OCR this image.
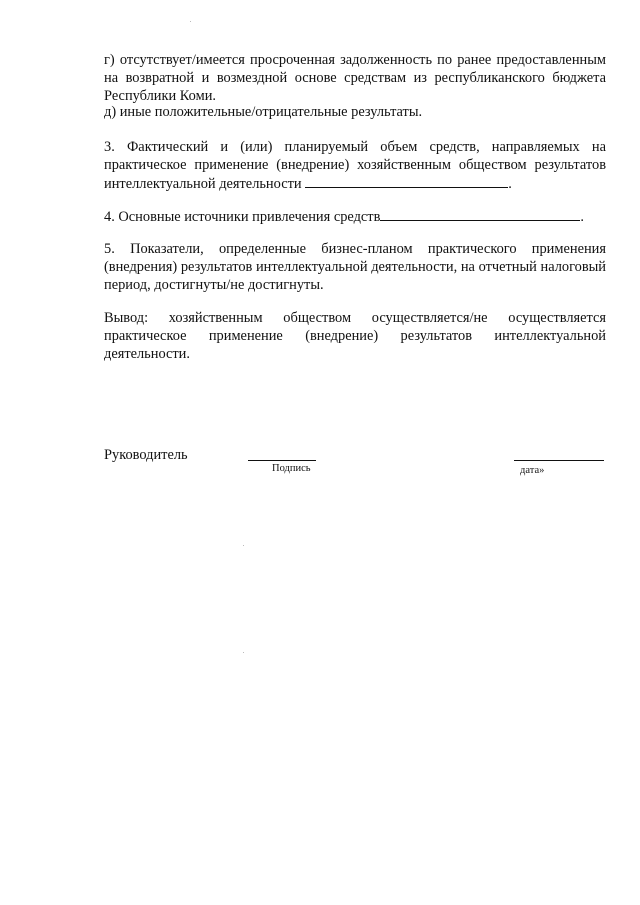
г) отсутствует/имеется просроченная задолженность по ранее предоставленным на возвратной и возмездной основе средствам из республиканского бюджета Республики Коми.
д) иные положительные/отрицательные результаты.
3. Фактический и (или) планируемый объем средств, направляемых на практическое применение (внедрение) хозяйственным обществом результатов интеллектуальной деятельности	.
4. Основные источники привлечения средств	.
5. Показатели, определенные бизнес-планом практического применения (внедрения) результатов интеллектуальной деятельности, на отчетный налоговый период, достигнуты/не достигнуты.
Вывод: хозяйственным обществом осуществляется/не осуществляется практическое применение (внедрение) результатов интеллектуальной деятельности.
Руководитель
Подпись	дата»
